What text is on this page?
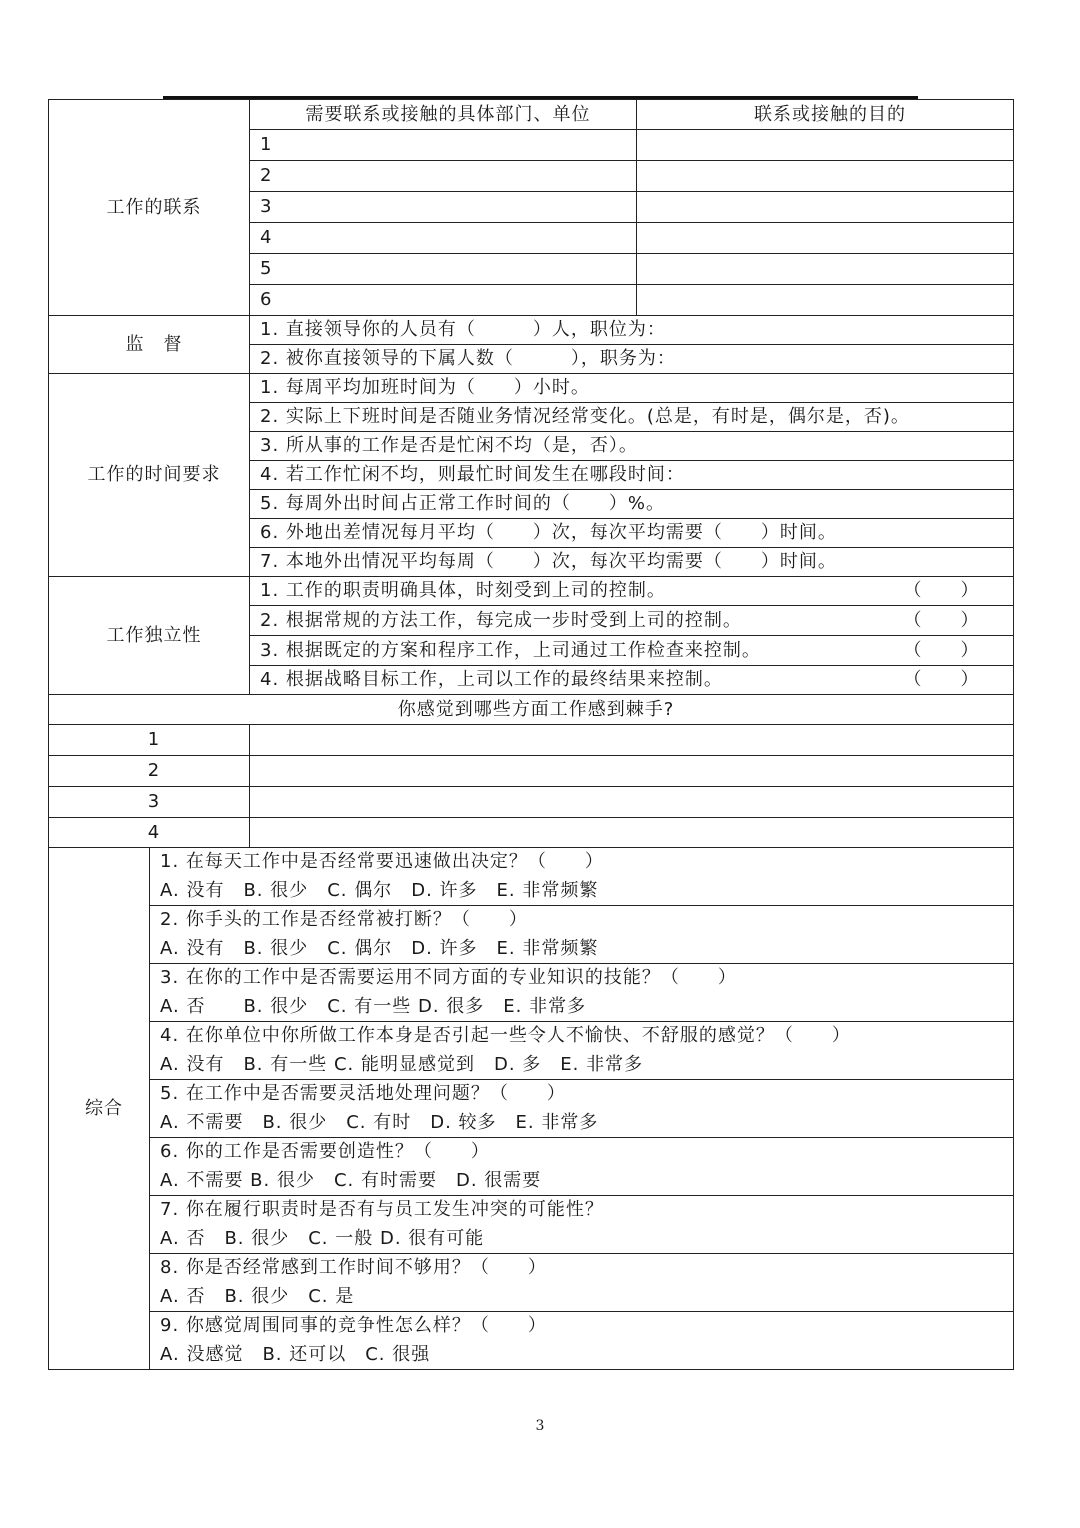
工作的联系		需要联系或接触的具体部门、单位	联系或接触的目的
		1	
		2	
		3	
		4	
		5	
		6	
监　督		1. 直接领导你的人员有（　　　）人，职位为：	
		2. 被你直接领导的下属人数（　　　），职务为：	
工作的时间要求		1. 每周平均加班时间为（　　）小时。	
		2. 实际上下班时间是否随业务情况经常变化。(总是，有时是，偶尔是，否)。	
		3. 所从事的工作是否是忙闲不均（是，否）。	
		4. 若工作忙闲不均，则最忙时间发生在哪段时间：	
		5. 每周外出时间占正常工作时间的（　　）%。	
		6. 外地出差情况每月平均（　　）次，每次平均需要（　　）时间。	
		7. 本地外出情况平均每周（　　）次，每次平均需要（　　）时间。	
工作独立性		1. 工作的职责明确具体，时刻受到上司的控制。 （　　）	

		2. 根据常规的方法工作，每完成一步时受到上司的控制。 （　　）	

		3. 根据既定的方案和程序工作，上司通过工作检查来控制。 （　　）	

		4. 根据战略目标工作，上司以工作的最终结果来控制。 （　　）	

你感觉到哪些方面工作感到棘手?			
1			
2			
3			
4			
综合	1. 在每天工作中是否经常要迅速做出决定？（　　）
A. 没有　B. 很少　C. 偶尔　D. 许多　E. 非常频繁		

	2. 你手头的工作是否经常被打断？（　　）
A. 没有　B. 很少　C. 偶尔　D. 许多　E. 非常频繁		

	3. 在你的工作中是否需要运用不同方面的专业知识的技能？（　　）
A. 否　　B. 很少　C. 有一些 D. 很多　E. 非常多		

	4. 在你单位中你所做工作本身是否引起一些令人不愉快、不舒服的感觉？（　　）
A. 没有　B. 有一些 C. 能明显感觉到　D. 多　E. 非常多		

	5. 在工作中是否需要灵活地处理问题？（　　）
A. 不需要　B. 很少　C. 有时　D. 较多　E. 非常多		

	6. 你的工作是否需要创造性？（　　）
A. 不需要 B. 很少　C. 有时需要　D. 很需要		

	7. 你在履行职责时是否有与员工发生冲突的可能性？
A. 否　B. 很少　C. 一般 D. 很有可能		

	8. 你是否经常感到工作时间不够用？（　　）
A. 否　B. 很少　C. 是		

	9. 你感觉周围同事的竞争性怎么样？（　　）
A. 没感觉　B. 还可以　C. 很强		
3
